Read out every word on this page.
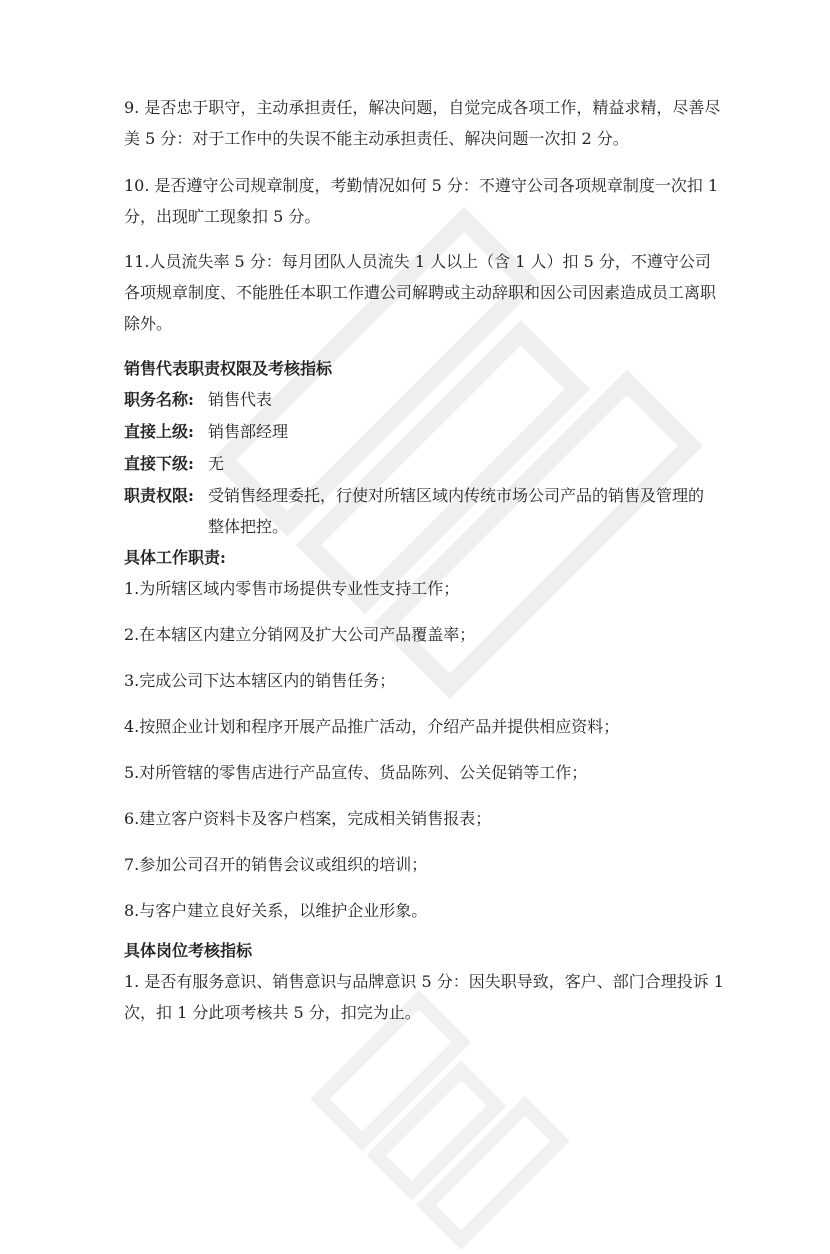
9. 是否忠于职守，主动承担责任，解决问题，自觉完成各项工作，精益求精，尽善尽美 5 分：对于工作中的失误不能主动承担责任、解决问题一次扣 2 分。

10. 是否遵守公司规章制度，考勤情况如何 5 分：不遵守公司各项规章制度一次扣 1 分，出现旷工现象扣 5 分。

11.人员流失率 5 分：每月团队人员流失 1 人以上（含 1 人）扣 5 分，不遵守公司各项规章制度、不能胜任本职工作遭公司解聘或主动辞职和因公司因素造成员工离职除外。

销售代表职责权限及考核指标

职务名称: 销售代表
直接上级: 销售部经理
直接下级: 无
职责权限: 受销售经理委托，行使对所辖区域内传统市场公司产品的销售及管理的整体把控。

具体工作职责:

1.为所辖区域内零售市场提供专业性支持工作；

2.在本辖区内建立分销网及扩大公司产品覆盖率；

3.完成公司下达本辖区内的销售任务；

4.按照企业计划和程序开展产品推广活动，介绍产品并提供相应资料；

5.对所管辖的零售店进行产品宣传、货品陈列、公关促销等工作；

6.建立客户资料卡及客户档案，完成相关销售报表；

7.参加公司召开的销售会议或组织的培训；

8.与客户建立良好关系，以维护企业形象。

具体岗位考核指标

1. 是否有服务意识、销售意识与品牌意识 5 分：因失职导致，客户、部门合理投诉 1 次，扣 1 分此项考核共 5 分，扣完为止。
